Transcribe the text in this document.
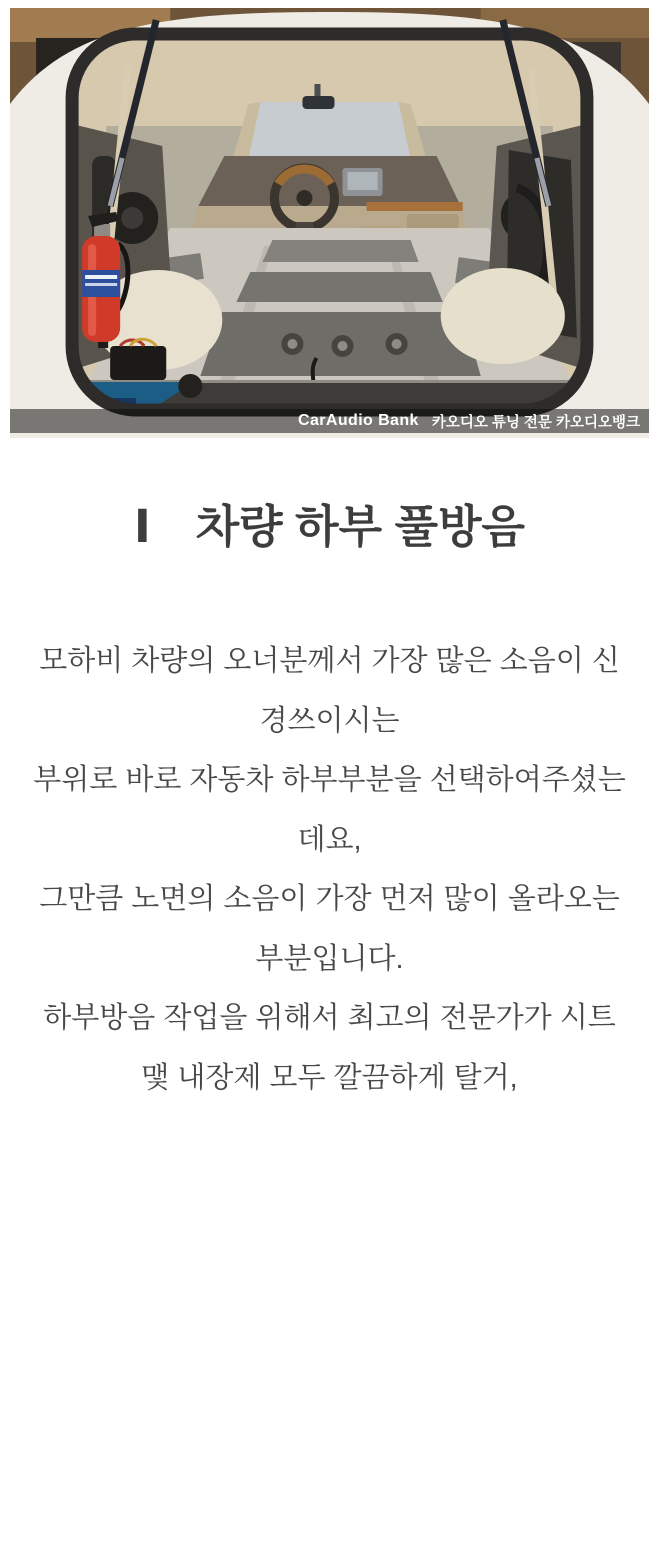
CarAudio Bank 카오디오 튜닝 전문 카오디오뱅크
Ⅰ　차량 하부 풀방음
모하비 차량의 오너분께서 가장 많은 소음이 신
경쓰이시는
부위로 바로 자동차 하부부분을 선택하여주셨는
데요,
그만큼 노면의 소음이 가장 먼저 많이 올라오는
부분입니다.
하부방음 작업을 위해서 최고의 전문가가 시트
맻 내장제 모두 깔끔하게 탈거,
